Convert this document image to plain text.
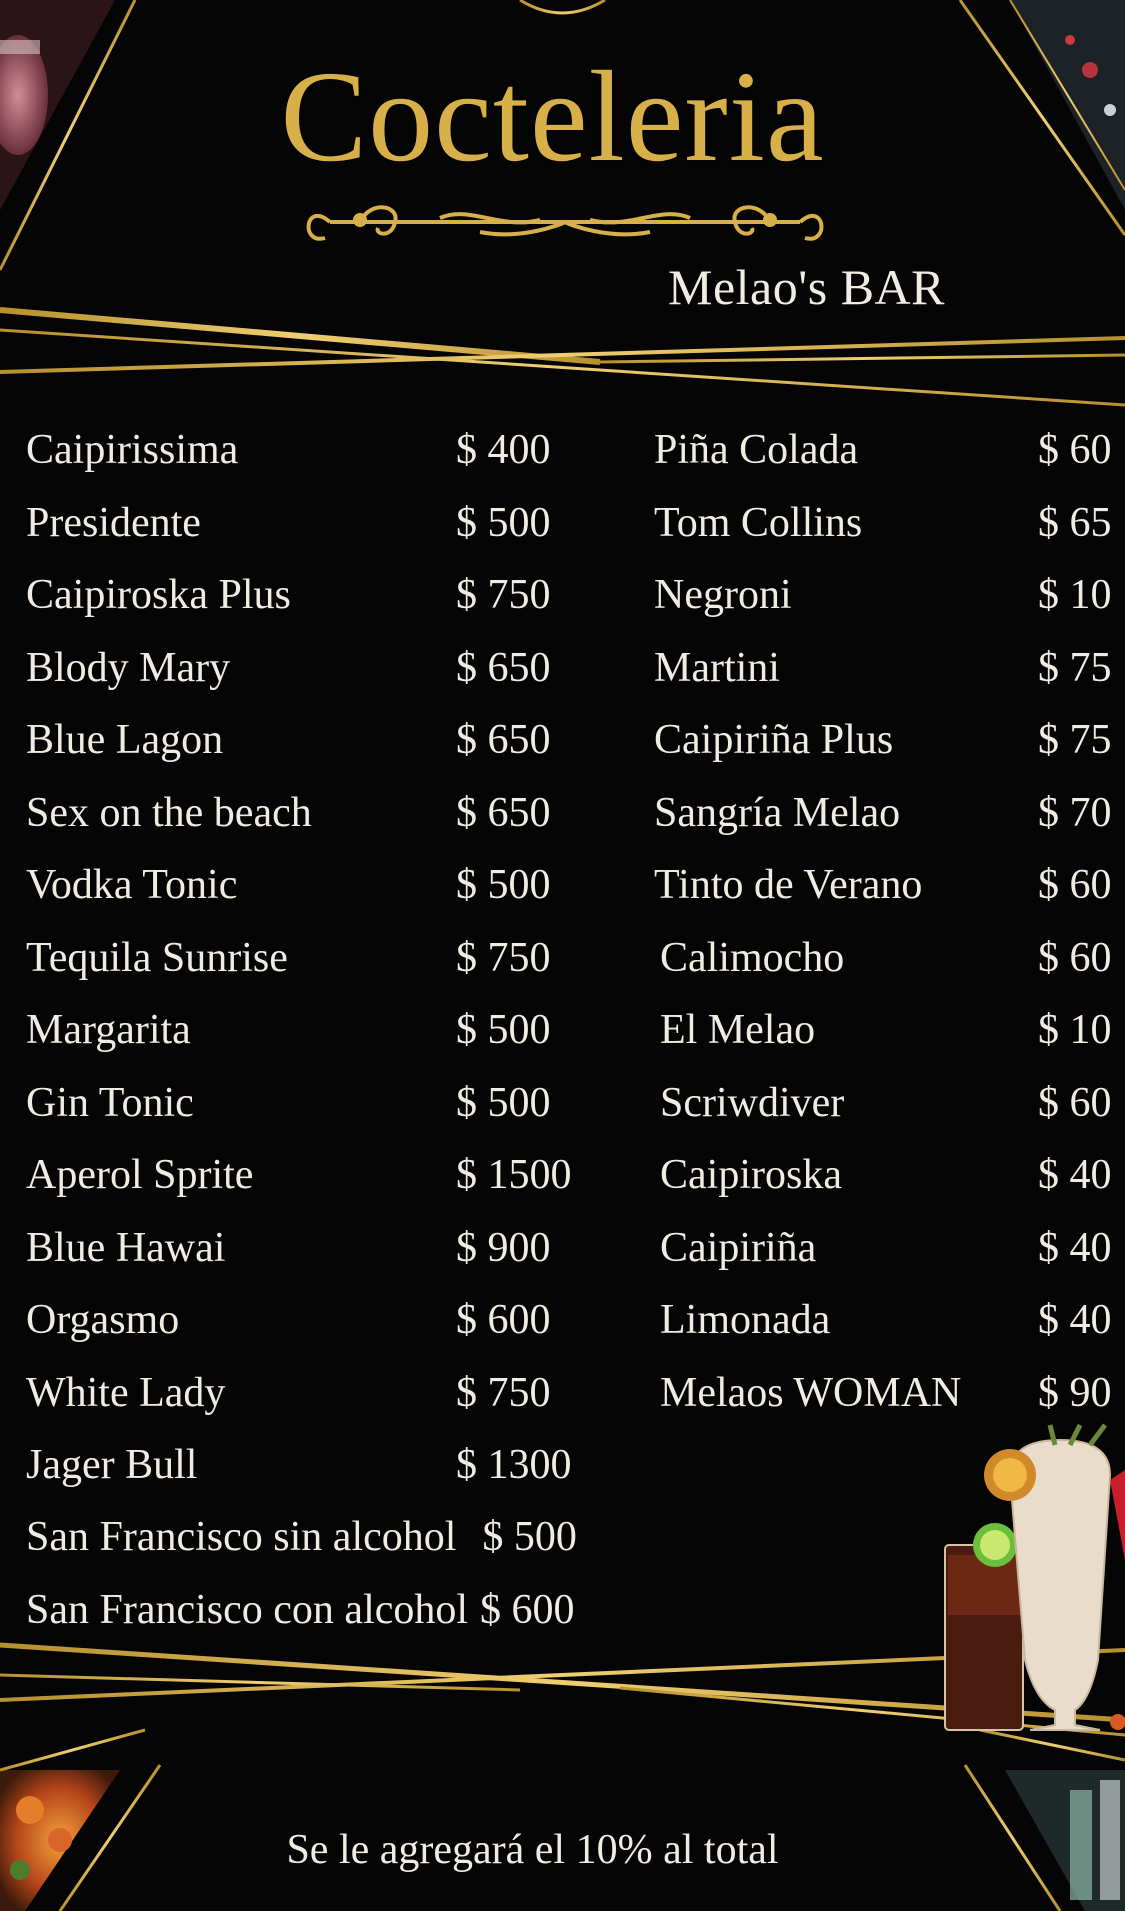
Cocteleria
Melao's BAR
Caipirissima	$ 400
Presidente	$ 500
Caipiroska Plus	$ 750
Blody Mary	$ 650
Blue Lagon	$ 650
Sex on the beach	$ 650
Vodka Tonic	$ 500
Tequila Sunrise	$ 750
Margarita	$ 500
Gin Tonic	$ 500
Aperol Sprite	$ 1500
Blue Hawai	$ 900
Orgasmo	$ 600
White Lady	$ 750
Jager Bull	$ 1300
Piña Colada	$ 60
Tom Collins	$ 65
Negroni	$ 10
Martini	$ 75
Caipiriña Plus	$ 75
Sangría Melao	$ 70
Tinto de Verano	$ 60
Calimocho	$ 60
El Melao	$ 10
Scriwdiver	$ 60
Caipiroska	$ 40
Caipiriña	$ 40
Limonada	$ 40
Melaos WOMAN $ 90
San Francisco sin alcohol $ 500
San Francisco con alcohol $ 600
Se le agregará el 10% al total
